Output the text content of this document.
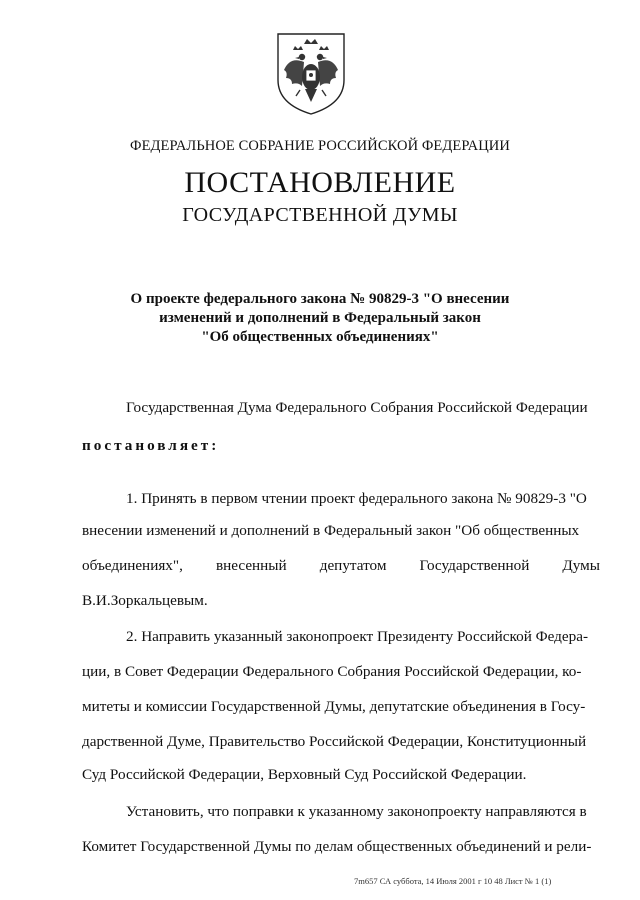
ФЕДЕРАЛЬНОЕ СОБРАНИЕ РОССИЙСКОЙ ФЕДЕРАЦИИ
ПОСТАНОВЛЕНИЕ
ГОСУДАРСТВЕННОЙ ДУМЫ
О проекте федерального закона № 90829-3 "О внесении
изменений и дополнений в Федеральный закон
"Об общественных объединениях"
Государственная Дума Федерального Собрания Российской Федерации
постановляет:
1. Принять в первом чтении проект федерального закона № 90829-3 "О
внесении изменений и дополнений в Федеральный закон "Об общественных
объединениях", внесенный депутатом Государственной Думы
В.И.Зоркальцевым.
2. Направить указанный законопроект Президенту Российской Федера-
ции, в Совет Федерации Федерального Собрания Российской Федерации, ко-
митеты и комиссии Государственной Думы, депутатские объединения в Госу-
дарственной Думе, Правительство Российской Федерации, Конституционный
Суд Российской Федерации, Верховный Суд Российской Федерации.
Установить, что поправки к указанному законопроекту направляются в
Комитет Государственной Думы по делам общественных объединений и рели-
7m657 СА суббота, 14 Июля 2001 г 10 48 Лист № 1 (1)
